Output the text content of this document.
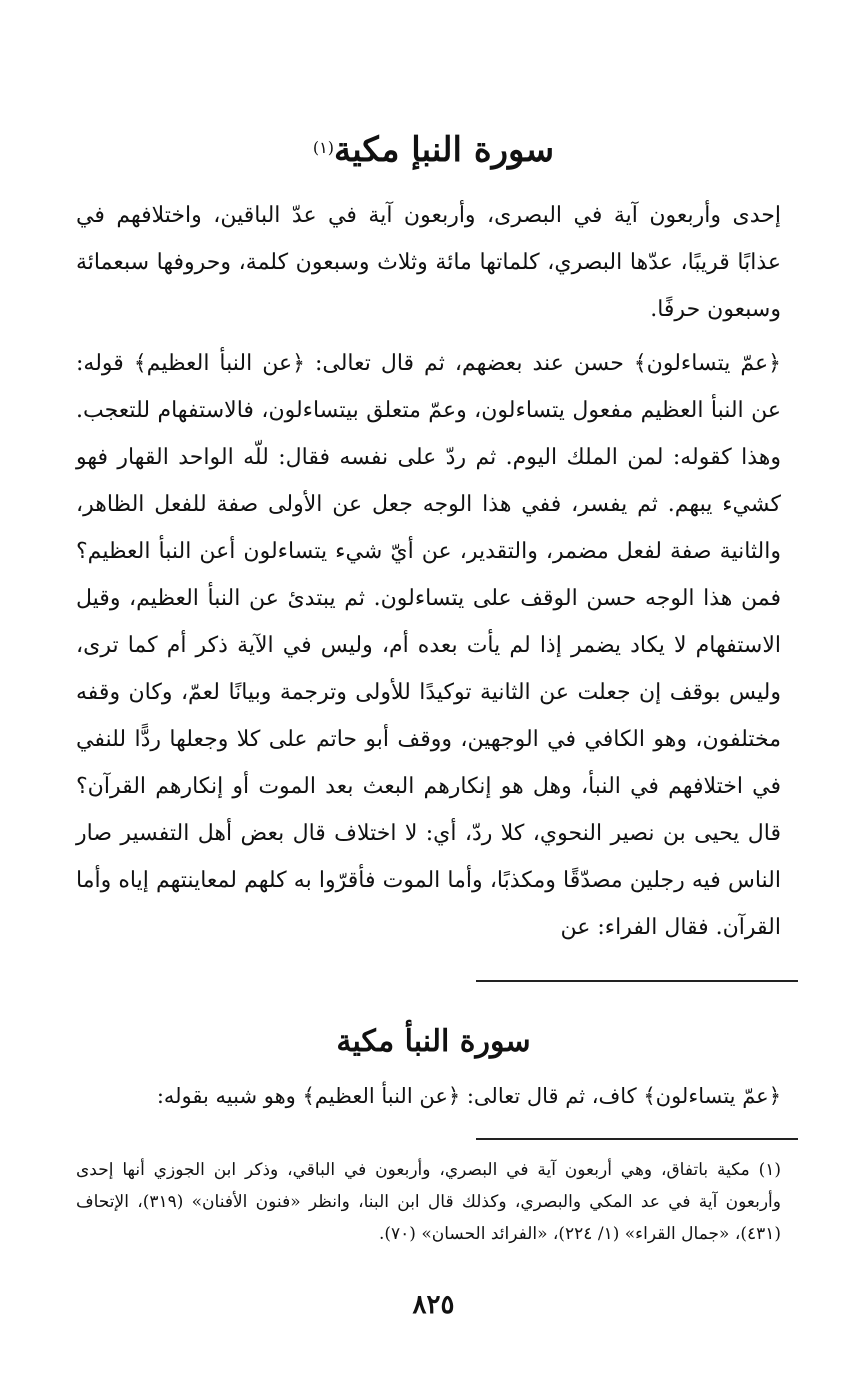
سورة النبإ مكية$^{(١)}$

إحدى وأربعون آية في البصرى، وأربعون آية في عدّ الباقين، واختلافهم في عذابًا قريبًا، عدّها البصري، كلماتها مائة وثلاث وسبعون كلمة، وحروفها سبعمائة وسبعون حرفًا.

﴿عمّ يتساءلون﴾ حسن عند بعضهم، ثم قال تعالى: ﴿عن النبأ العظيم﴾ قوله: عن النبأ العظيم مفعول يتساءلون، وعمّ متعلق بيتساءلون، فالاستفهام للتعجب. وهذا كقوله: لمن الملك اليوم. ثم ردّ على نفسه فقال: للّه الواحد القهار فهو كشيء يبهم. ثم يفسر، ففي هذا الوجه جعل عن الأولى صفة للفعل الظاهر، والثانية صفة لفعل مضمر، والتقدير، عن أيّ شيء يتساءلون أعن النبأ العظيم؟ فمن هذا الوجه حسن الوقف على يتساءلون. ثم يبتدئ عن النبأ العظيم، وقيل الاستفهام لا يكاد يضمر إذا لم يأت بعده أم، وليس في الآية ذكر أم كما ترى، وليس بوقف إن جعلت عن الثانية توكيدًا للأولى وترجمة وبيانًا لعمّ، وكان وقفه مختلفون، وهو الكافي في الوجهين، ووقف أبو حاتم على كلا وجعلها ردًّا للنفي في اختلافهم في النبأ، وهل هو إنكارهم البعث بعد الموت أو إنكارهم القرآن؟ قال يحيى بن نصير النحوي، كلا ردّ، أي: لا اختلاف قال بعض أهل التفسير صار الناس فيه رجلين مصدّقًا ومكذبًا، وأما الموت فأقرّوا به كلهم لمعاينتهم إياه وأما القرآن. فقال الفراء: عن

سورة النبأ مكية
﴿عمّ يتساءلون﴾ كاف، ثم قال تعالى: ﴿عن النبأ العظيم﴾ وهو شبيه بقوله:

(١) مكية باتفاق، وهي أربعون آية في البصري، وأربعون في الباقي، وذكر ابن الجوزي أنها إحدى وأربعون آية في عد المكي والبصري، وكذلك قال ابن البنا، وانظر «فنون الأفنان» (٣١٩)، الإتحاف (٤٣١)، «جمال القراء» (١/ ٢٢٤)، «الفرائد الحسان» (٧٠).

٨٢٥
